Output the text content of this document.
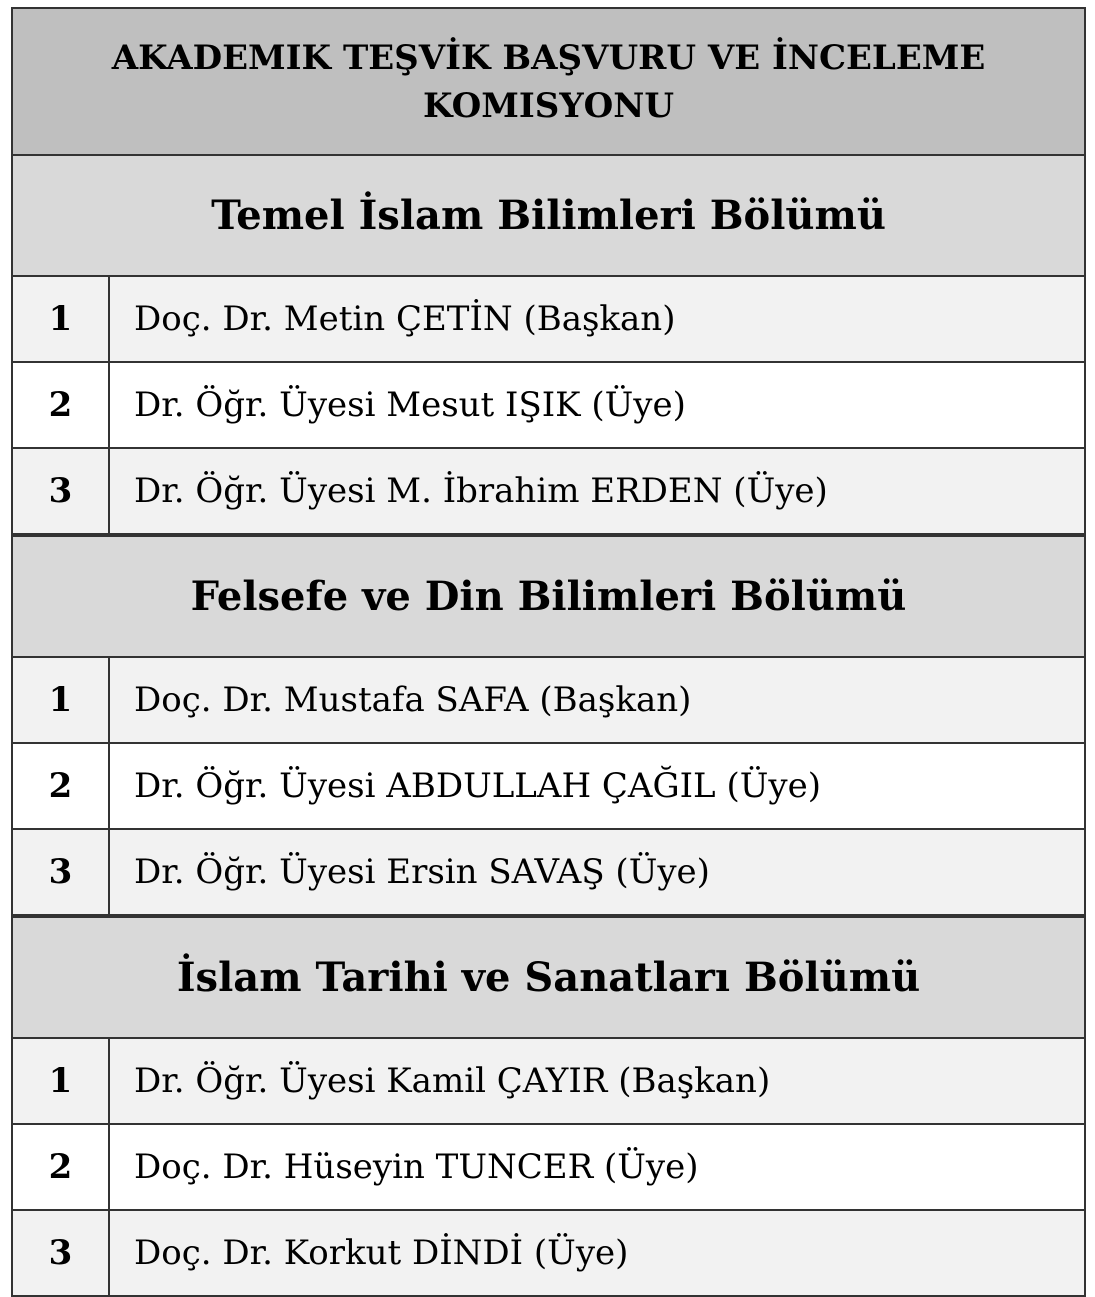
AKADEMIK TEŞVİK BAŞVURU VE İNCELEME
KOMISYONU
Temel İslam Bilimleri Bölümü
1	Doç. Dr. Metin ÇETİN (Başkan)
2	Dr. Öğr. Üyesi Mesut IŞIK (Üye)
3	Dr. Öğr. Üyesi M. İbrahim ERDEN (Üye)
Felsefe ve Din Bilimleri Bölümü
1	Doç. Dr. Mustafa SAFA (Başkan)
2	Dr. Öğr. Üyesi ABDULLAH ÇAĞIL (Üye)
3	Dr. Öğr. Üyesi Ersin SAVAŞ (Üye)
İslam Tarihi ve Sanatları Bölümü
1	Dr. Öğr. Üyesi Kamil ÇAYIR (Başkan)
2	Doç. Dr. Hüseyin TUNCER (Üye)
3	Doç. Dr. Korkut DİNDİ (Üye)
